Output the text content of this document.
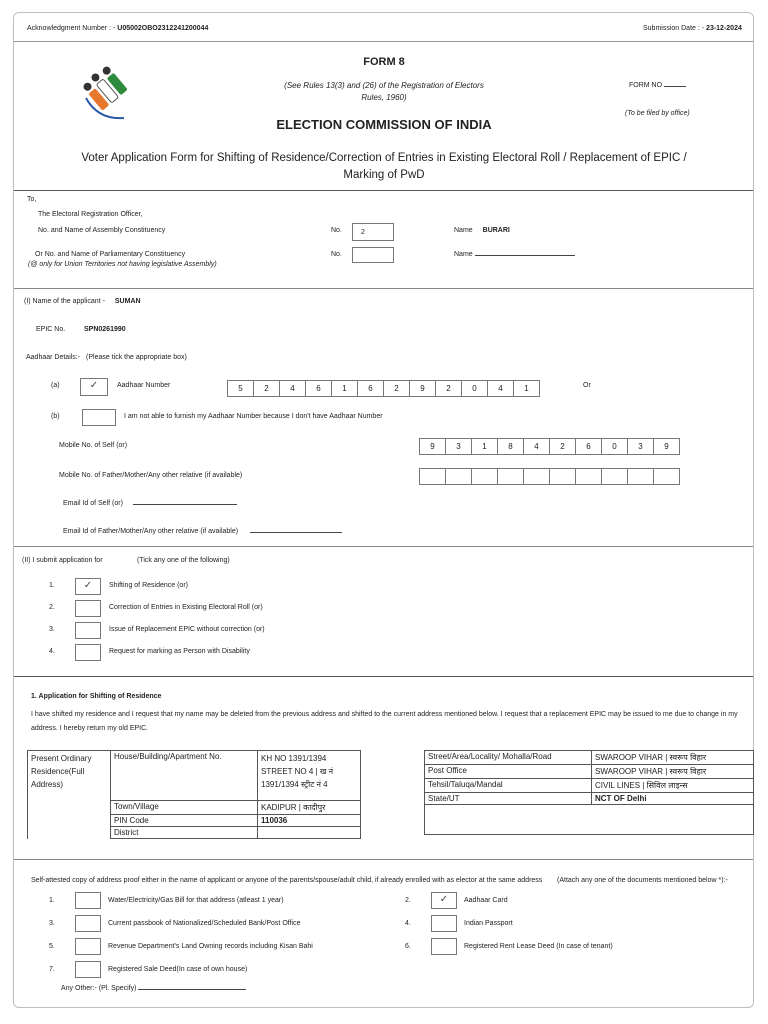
Acknowledgment Number : - U05002OBO2312241200044	Submission Date : - 23-12-2024
FORM 8
(See Rules 13(3) and (26) of the Registration of Electors Rules, 1960)
ELECTION COMMISSION OF INDIA
FORM NO
(To be filed by office)
Voter Application Form for Shifting of Residence/Correction of Entries in Existing Electoral Roll / Replacement of EPIC / Marking of PwD
To,
The Electoral Registration Officer,
No. and Name of Assembly Constituency	No.	2	Name BURARI
Or No. and Name of Parliamentary Constituency
(@ only for Union Territories not having legislative Assembly)
No.	Name
(I) Name of the applicant - SUMAN
EPIC No.	SPN0261990
Aadhaar Details:- (Please tick the appropriate box)
(a) ✓	Aadhaar Number	5	2	4	6	1	6	2	9	2	0	4	1	Or
(b)	I am not able to furnish my Aadhaar Number because I don't have Aadhaar Number
Mobile No. of Self (or)	9	3	1	8	4	2	6	0	3	9
Mobile No. of Father/Mother/Any other relative (if available)
Email Id of Self (or)
Email Id of Father/Mother/Any other relative (if available)
(II) I submit application for	(Tick any one of the following)
1. ✓	Shifting of Residence (or)
2.	Correction of Entries in Existing Electoral Roll (or)
3.	Issue of Replacement EPIC without correction (or)
4.	Request for marking as Person with Disability
1. Application for Shifting of Residence
I have shifted my residence and I request that my name may be deleted from the previous address and shifted to the current address mentioned below. I request that a replacement EPIC may be issued to me due to change in my address. I hereby return my old EPIC.
Present Ordinary Residence(Full Address)	House/Building/Apartment No.	KH NO 1391/1394 STREET NO 4 | ख नं 1391/1394 स्ट्रीट नं 4
	Town/Village	KADIPUR | कादीपुर
	PIN Code	110036
	District	
Street/Area/Locality/ Mohalla/Road	SWAROOP VIHAR | स्वरूप विहार
Post Office	SWAROOP VIHAR | स्वरूप विहार
Tehsil/Taluqa/Mandal	CIVIL LINES | सिविल लाइन्स
State/UT	NCT OF Delhi

Self-attested copy of address proof either in the name of applicant or anyone of the parents/spouse/adult child, if already enrolled with as elector at the same address (Attach any one of the documents mentioned below *):-
1.	Water/Electricity/Gas Bill for that address (atleast 1 year)	2. ✓	Aadhaar Card
3.	Current passbook of Nationalized/Scheduled Bank/Post Office	4.	Indian Passport
5.	Revenue Department's Land Owning records including Kisan Bahi	6.	Registered Rent Lease Deed (In case of tenant)
7.	Registered Sale Deed(In case of own house)
Any Other:- (Pl. Specify)
